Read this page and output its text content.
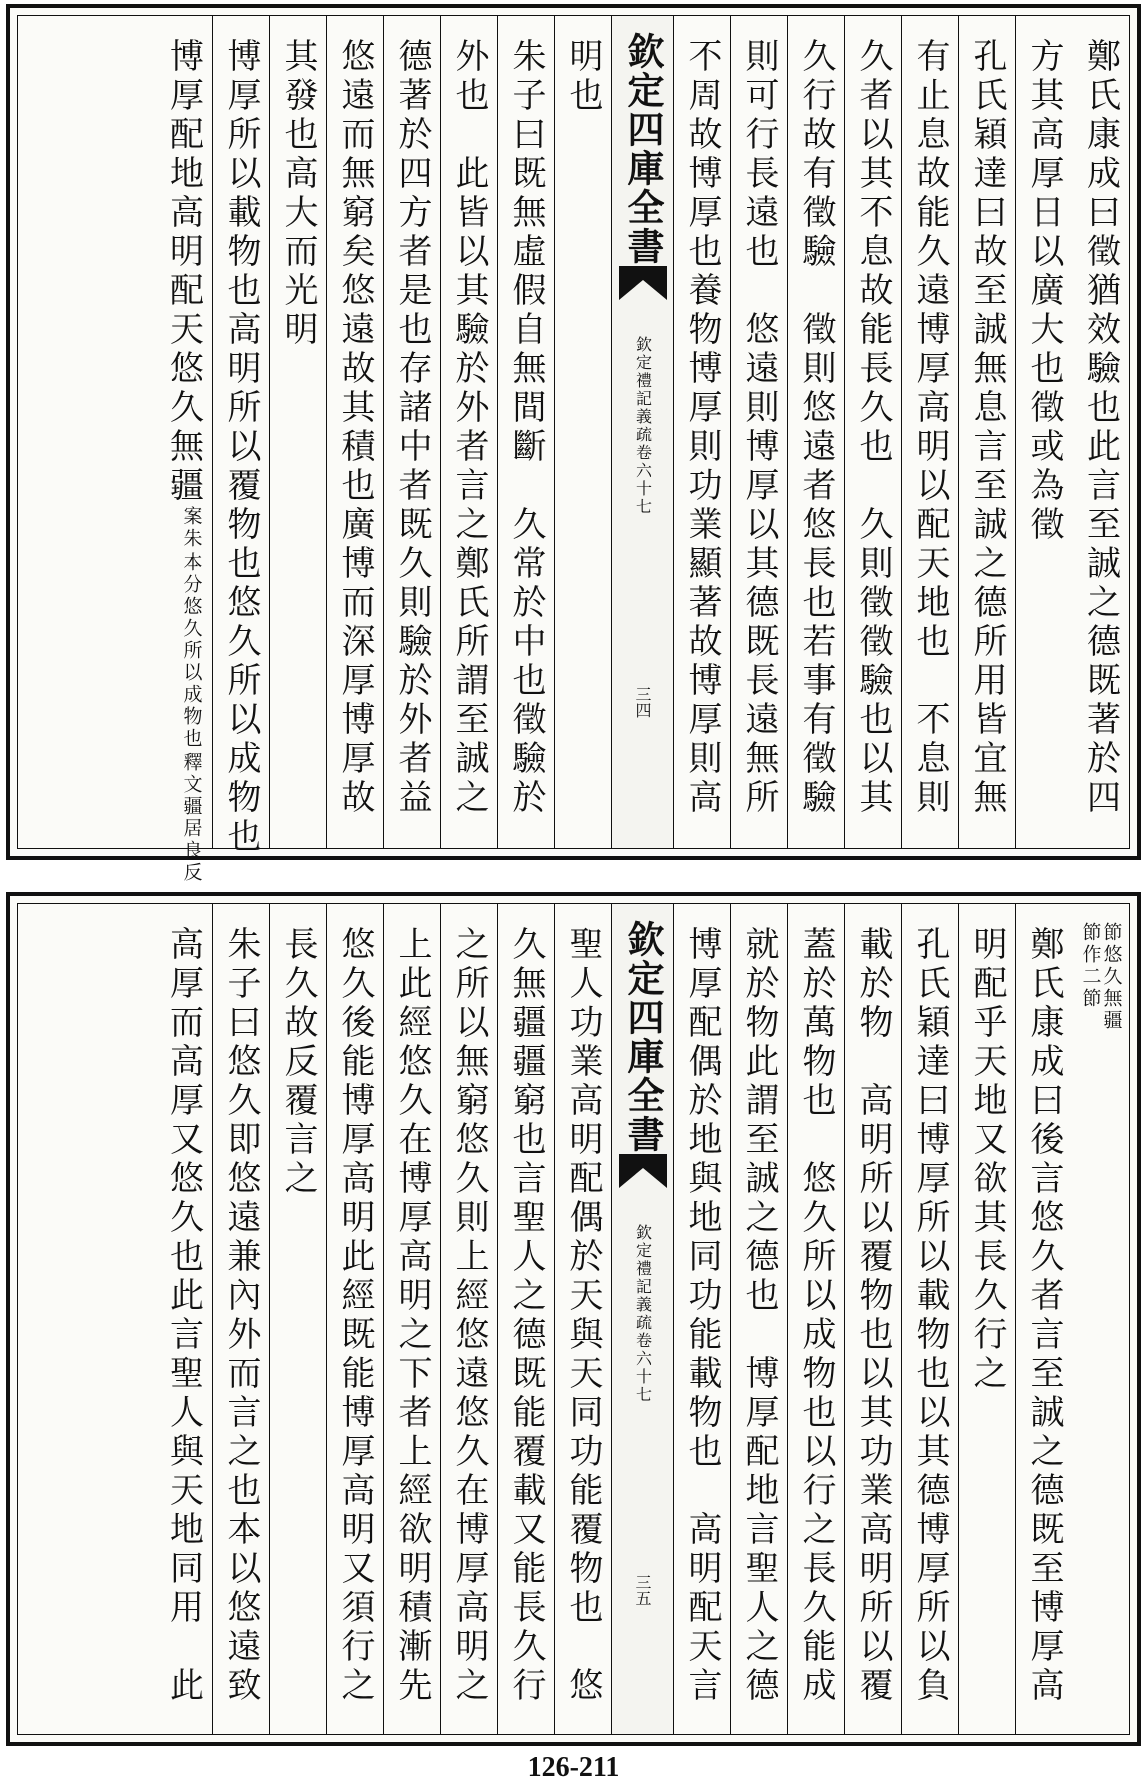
鄭氏康成曰徵猶效驗也此言至誠之德既著於四
方其高厚日以廣大也徵或為徵
孔氏穎達曰故至誠無息言至誠之德所用皆宜無
有止息故能久遠博厚高明以配天地也　不息則
久者以其不息故能長久也　久則徵徵驗也以其
久行故有徵驗　徵則悠遠者悠長也若事有徵驗
則可行長遠也　悠遠則博厚以其德既長遠無所
不周故博厚也養物博厚則功業顯著故博厚則高
欽定四庫全書
欽定禮記義疏卷六十七
三四
明也
朱子曰既無虛假自無間斷　久常於中也徵驗於
外也　此皆以其驗於外者言之鄭氏所謂至誠之
德著於四方者是也存諸中者既久則驗於外者益
悠遠而無窮矣悠遠故其積也廣博而深厚博厚故
其發也高大而光明
博厚所以載物也高明所以覆物也悠久所以成物也
博厚配地高明配天悠久無疆
釋文疆居良反
本分悠久所以成物也
案朱
節悠久無疆
節作二節
鄭氏康成曰後言悠久者言至誠之德既至博厚高
明配乎天地又欲其長久行之
孔氏穎達曰博厚所以載物也以其德博厚所以負
載於物　高明所以覆物也以其功業高明所以覆
蓋於萬物也　悠久所以成物也以行之長久能成
就於物此謂至誠之德也　博厚配地言聖人之德
博厚配偶於地與地同功能載物也　高明配天言
欽定四庫全書
欽定禮記義疏卷六十七
三五
聖人功業高明配偶於天與天同功能覆物也　悠
久無疆疆窮也言聖人之德既能覆載又能長久行
之所以無窮悠久則上經悠遠悠久在博厚高明之
上此經悠久在博厚高明之下者上經欲明積漸先
悠久後能博厚高明此經既能博厚高明又須行之
長久故反覆言之
朱子曰悠久即悠遠兼內外而言之也本以悠遠致
高厚而高厚又悠久也此言聖人與天地同用　此
126-211
